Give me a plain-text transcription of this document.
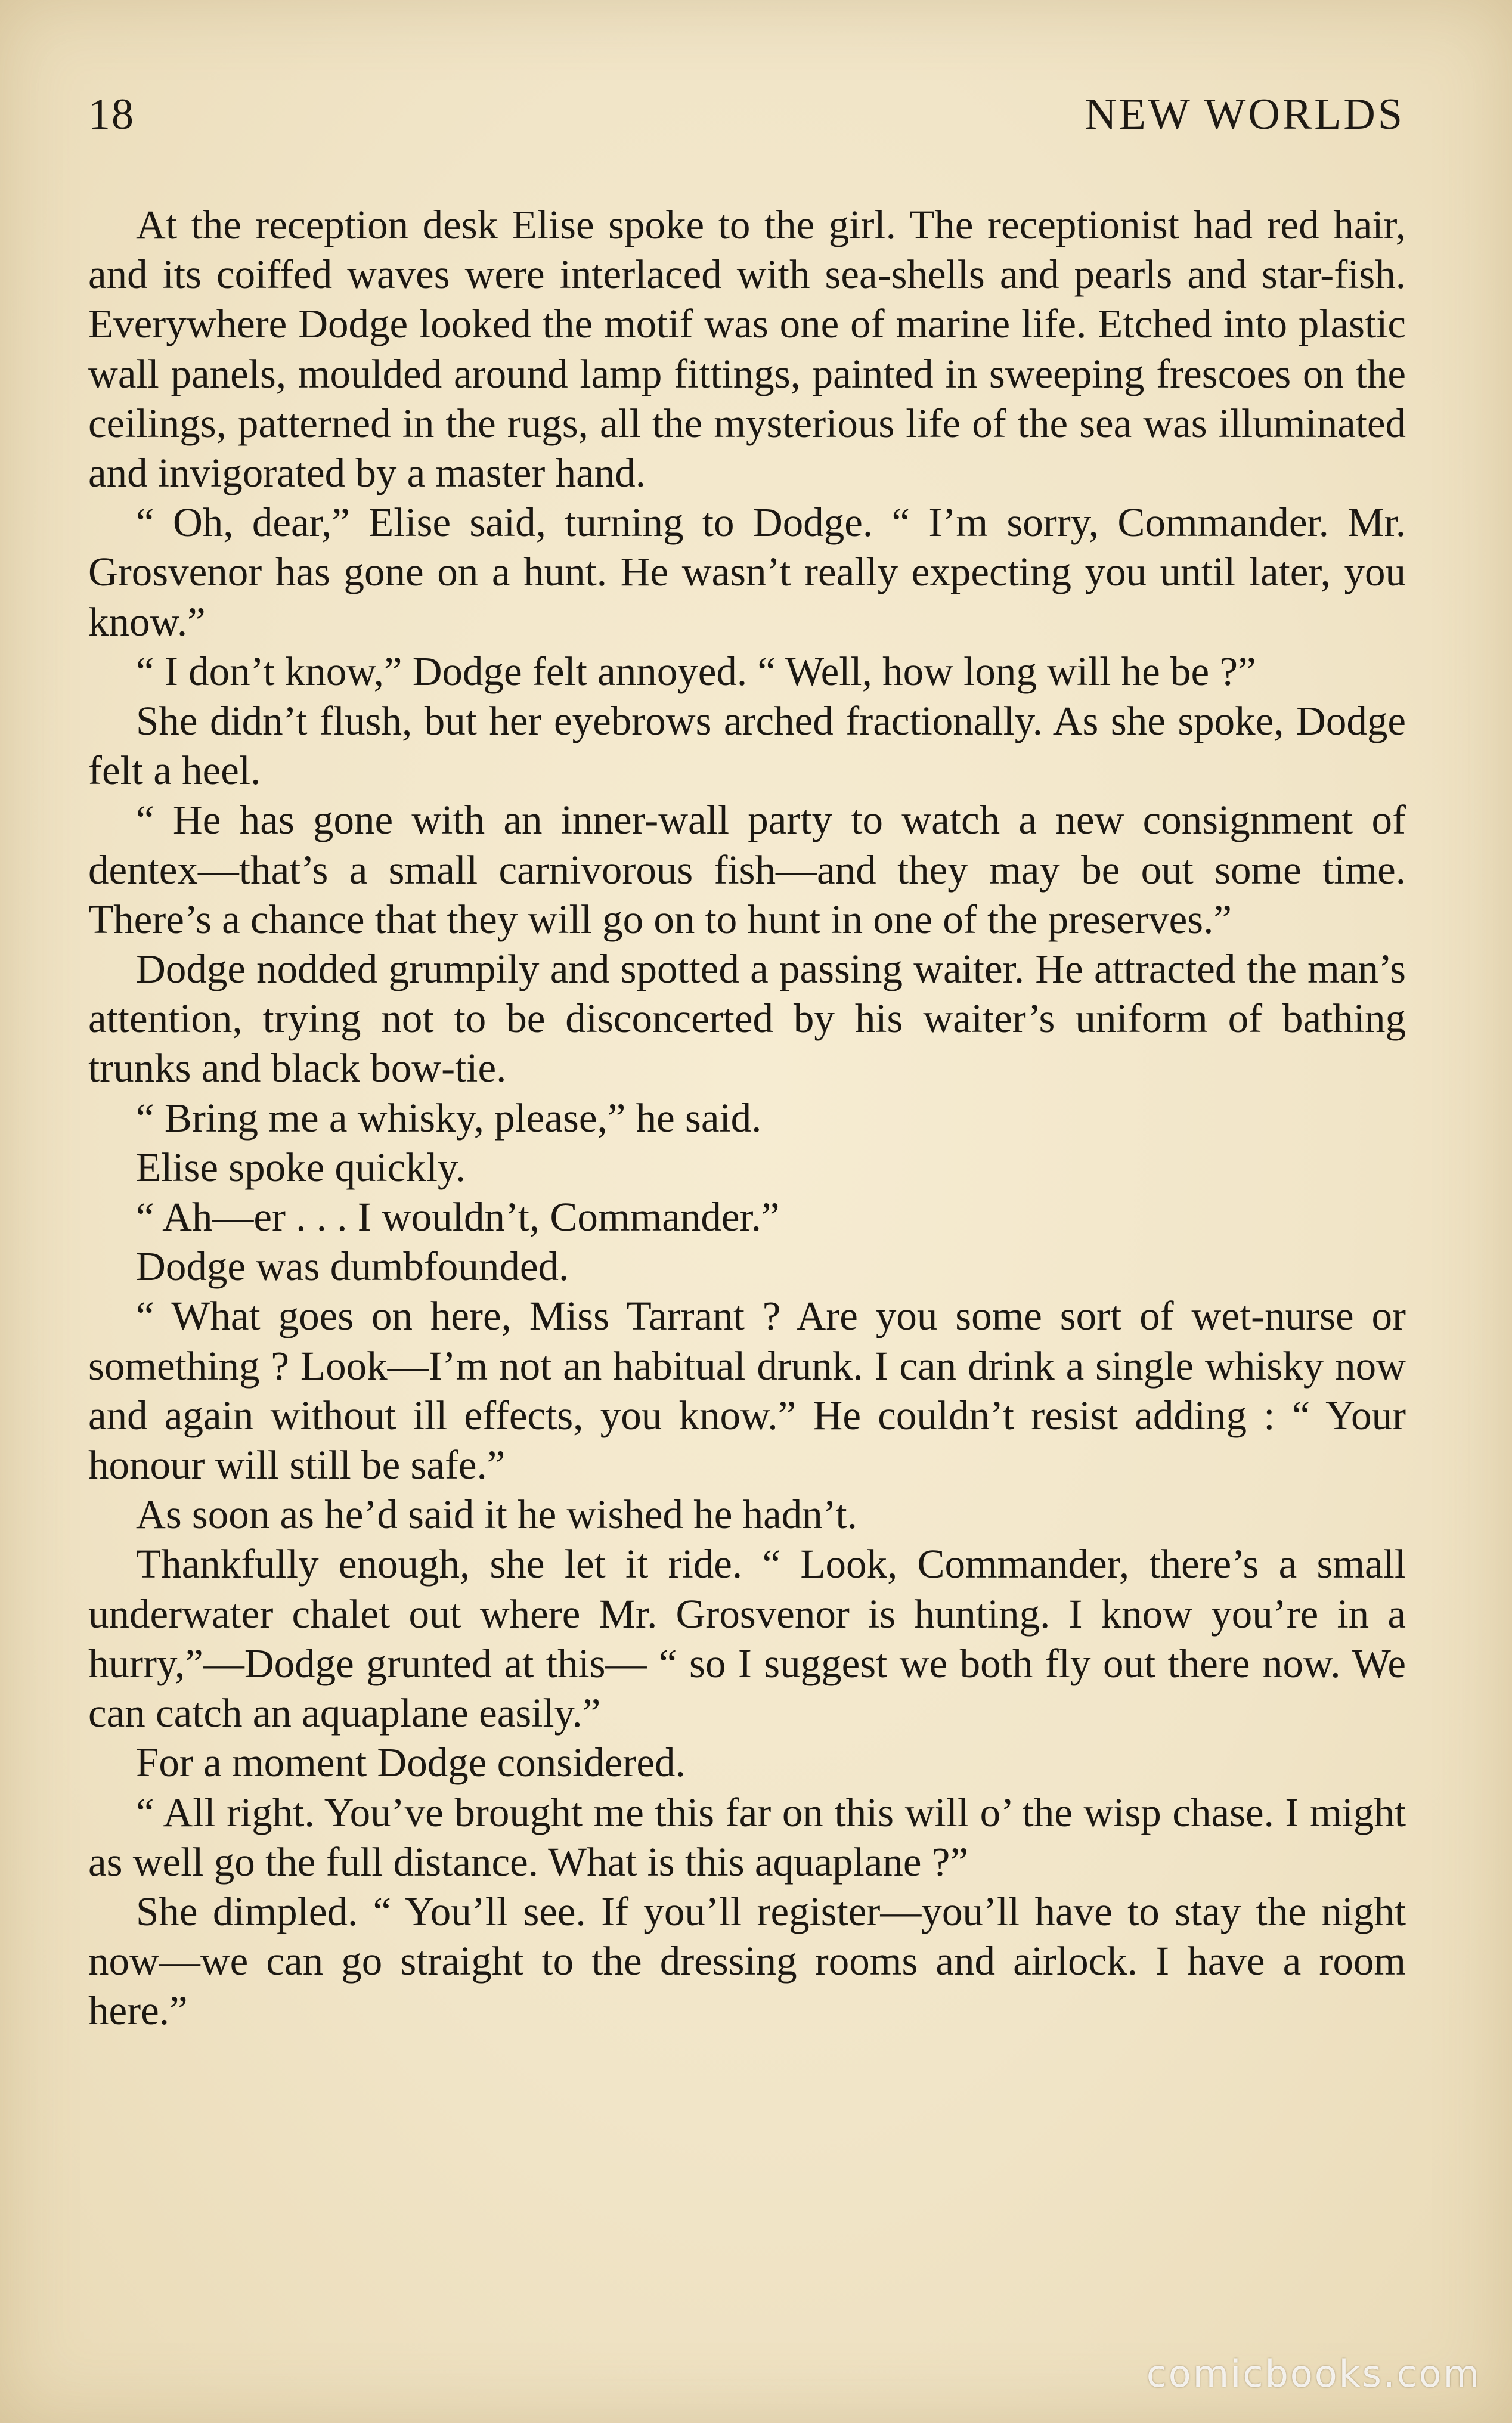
18	NEW WORLDS

At the reception desk Elise spoke to the girl. The receptionist had red hair, and its coiffed waves were interlaced with sea-shells and pearls and star-fish. Everywhere Dodge looked the motif was one of marine life. Etched into plastic wall panels, moulded around lamp fittings, painted in sweeping frescoes on the ceilings, patterned in the rugs, all the mysterious life of the sea was illuminated and invigorated by a master hand.

“ Oh, dear,” Elise said, turning to Dodge. “ I’m sorry, Commander. Mr. Grosvenor has gone on a hunt. He wasn’t really expecting you until later, you know.”

“ I don’t know,” Dodge felt annoyed. “ Well, how long will he be ?”

She didn’t flush, but her eyebrows arched fractionally. As she spoke, Dodge felt a heel.

“ He has gone with an inner-wall party to watch a new consignment of dentex—that’s a small carnivorous fish—and they may be out some time. There’s a chance that they will go on to hunt in one of the preserves.”

Dodge nodded grumpily and spotted a passing waiter. He attracted the man’s attention, trying not to be disconcerted by his waiter’s uniform of bathing trunks and black bow-tie.

“ Bring me a whisky, please,” he said.

Elise spoke quickly.

“ Ah—er . . . I wouldn’t, Commander.”

Dodge was dumbfounded.

“ What goes on here, Miss Tarrant ? Are you some sort of wet-nurse or something ? Look—I’m not an habitual drunk. I can drink a single whisky now and again without ill effects, you know.” He couldn’t resist adding : “ Your honour will still be safe.”

As soon as he’d said it he wished he hadn’t.

Thankfully enough, she let it ride. “ Look, Commander, there’s a small underwater chalet out where Mr. Grosvenor is hunting. I know you’re in a hurry,”—Dodge grunted at this— “ so I suggest we both fly out there now. We can catch an aquaplane easily.”

For a moment Dodge considered.

“ All right. You’ve brought me this far on this will o’ the wisp chase. I might as well go the full distance. What is this aquaplane ?”

She dimpled. “ You’ll see. If you’ll register—you’ll have to stay the night now—we can go straight to the dressing rooms and airlock. I have a room here.”

comicbooks.com
